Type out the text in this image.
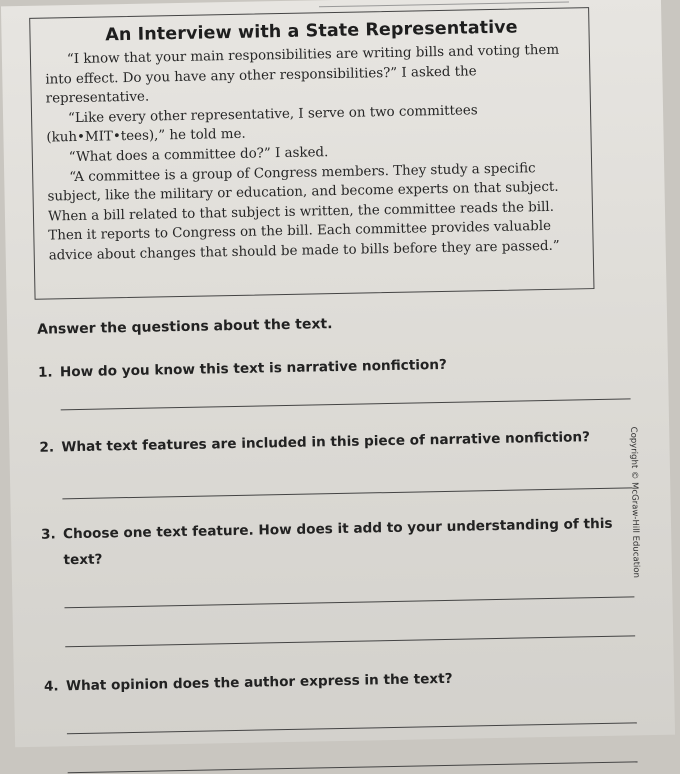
An Interview with a State Representative

“I know that your main responsibilities are writing bills and voting them into effect. Do you have any other responsibilities?” I asked the representative.

“Like every other representative, I serve on two committees (kuh•MIT•tees),” he told me.

“What does a committee do?” I asked.

“A committee is a group of Congress members. They study a specific subject, like the military or education, and become experts on that subject. When a bill related to that subject is written, the committee reads the bill. Then it reports to Congress on the bill. Each committee provides valuable advice about changes that should be made to bills before they are passed.”

Answer the questions about the text.
1. How do you know this text is narrative nonfiction?
2. What text features are included in this piece of narrative nonfiction?
3. Choose one text feature. How does it add to your understanding of this text?
4. What opinion does the author express in the text?
Copyright © McGraw-Hill Education
